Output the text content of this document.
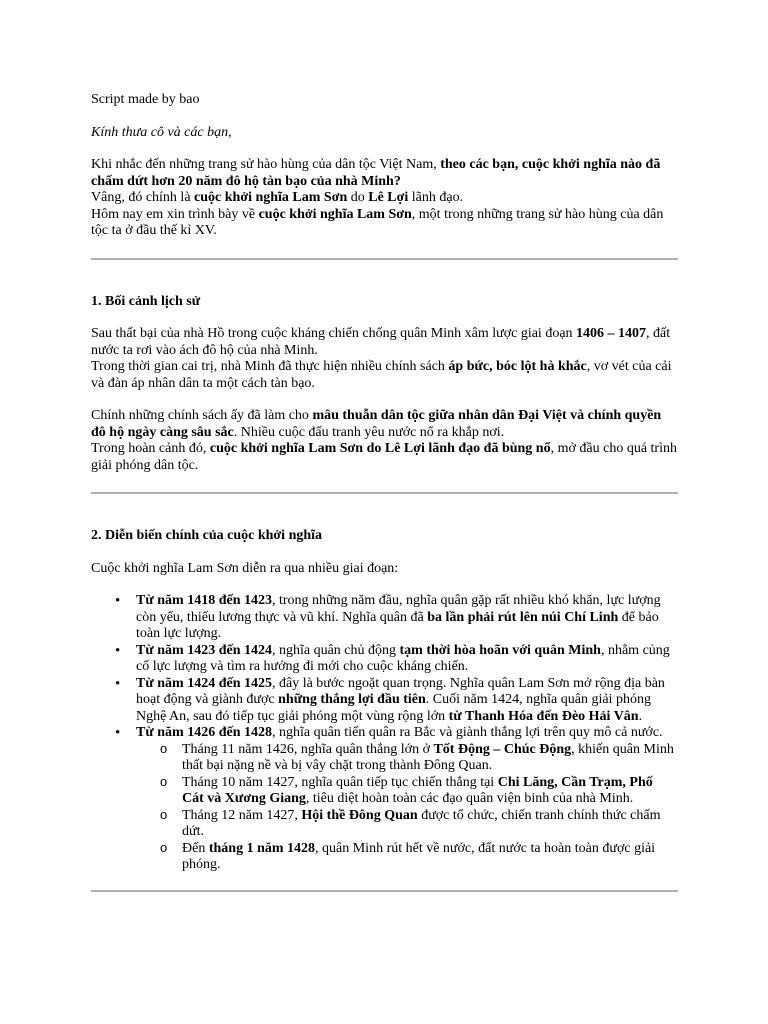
Script made by bao

Kính thưa cô và các bạn,

Khi nhắc đến những trang sử hào hùng của dân tộc Việt Nam, theo các bạn, cuộc khởi nghĩa nào đã chấm dứt hơn 20 năm đô hộ tàn bạo của nhà Minh?

Vâng, đó chính là cuộc khởi nghĩa Lam Sơn do Lê Lợi lãnh đạo.

Hôm nay em xin trình bày về cuộc khởi nghĩa Lam Sơn, một trong những trang sử hào hùng của dân tộc ta ở đầu thế kỉ XV.

1. Bối cảnh lịch sử

Sau thất bại của nhà Hồ trong cuộc kháng chiến chống quân Minh xâm lược giai đoạn 1406 – 1407, đất nước ta rơi vào ách đô hộ của nhà Minh.

Trong thời gian cai trị, nhà Minh đã thực hiện nhiều chính sách áp bức, bóc lột hà khắc, vơ vét của cải và đàn áp nhân dân ta một cách tàn bạo.

Chính những chính sách ấy đã làm cho mâu thuẫn dân tộc giữa nhân dân Đại Việt và chính quyền đô hộ ngày càng sâu sắc. Nhiều cuộc đấu tranh yêu nước nổ ra khắp nơi.

Trong hoàn cảnh đó, cuộc khởi nghĩa Lam Sơn do Lê Lợi lãnh đạo đã bùng nổ, mở đầu cho quá trình giải phóng dân tộc.

2. Diễn biến chính của cuộc khởi nghĩa

Cuộc khởi nghĩa Lam Sơn diễn ra qua nhiều giai đoạn:

• Từ năm 1418 đến 1423, trong những năm đầu, nghĩa quân gặp rất nhiều khó khăn, lực lượng còn yếu, thiếu lương thực và vũ khí. Nghĩa quân đã ba lần phải rút lên núi Chí Linh để bảo toàn lực lượng.
• Từ năm 1423 đến 1424, nghĩa quân chủ động tạm thời hòa hoãn với quân Minh, nhằm củng cố lực lượng và tìm ra hướng đi mới cho cuộc kháng chiến.
• Từ năm 1424 đến 1425, đây là bước ngoặt quan trọng. Nghĩa quân Lam Sơn mở rộng địa bàn hoạt động và giành được những thắng lợi đầu tiên. Cuối năm 1424, nghĩa quân giải phóng Nghệ An, sau đó tiếp tục giải phóng một vùng rộng lớn từ Thanh Hóa đến Đèo Hải Vân.
• Từ năm 1426 đến 1428, nghĩa quân tiến quân ra Bắc và giành thắng lợi trên quy mô cả nước.
o Tháng 11 năm 1426, nghĩa quân thắng lớn ở Tốt Động – Chúc Động, khiến quân Minh thất bại nặng nề và bị vây chặt trong thành Đông Quan.
o Tháng 10 năm 1427, nghĩa quân tiếp tục chiến thắng tại Chi Lăng, Cần Trạm, Phố Cát và Xương Giang, tiêu diệt hoàn toàn các đạo quân viện binh của nhà Minh.
o Tháng 12 năm 1427, Hội thề Đông Quan được tổ chức, chiến tranh chính thức chấm dứt.
o Đến tháng 1 năm 1428, quân Minh rút hết về nước, đất nước ta hoàn toàn được giải phóng.
